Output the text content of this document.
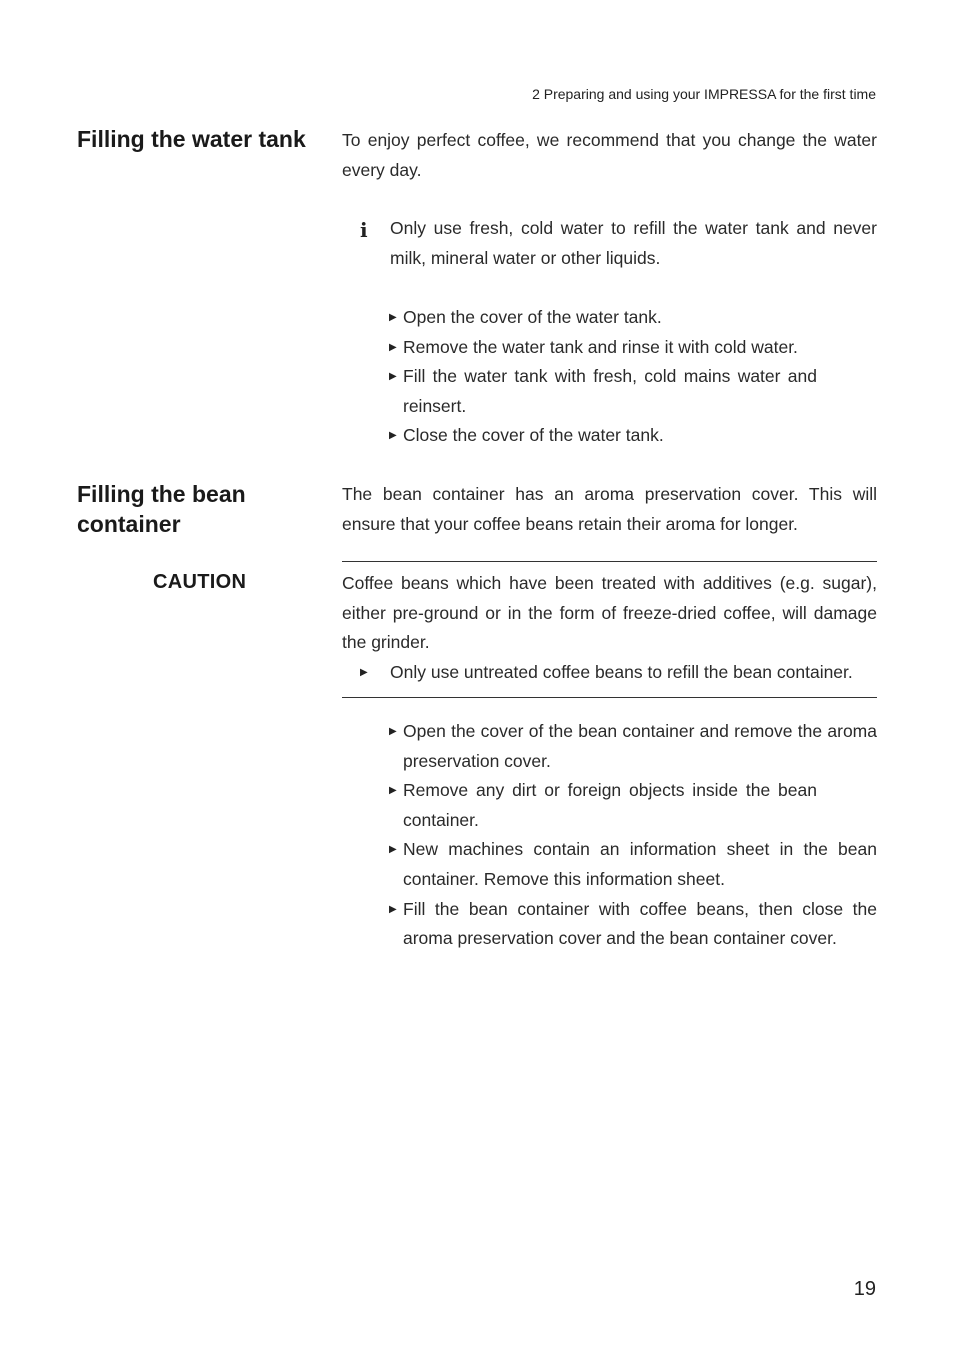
2 Preparing and using your IMPRESSA for the first time
Filling the water tank To enjoy perfect coffee, we recommend that you change the water every day.
i Only use fresh, cold water to refill the water tank and never milk, mineral water or other liquids.
▶ Open the cover of the water tank.
▶ Remove the water tank and rinse it with cold water.
▶ Fill the water tank with fresh, cold mains water and reinsert.
▶ Close the cover of the water tank.
Filling the bean container
The bean container has an aroma preservation cover. This will ensure that your coffee beans retain their aroma for longer.
CAUTION	Coffee beans which have been treated with additives (e.g. sugar), either pre-ground or in the form of freeze-dried coffee, will damage the grinder.
▶ Only use untreated coffee beans to refill the bean container.
▶ Open the cover of the bean container and remove the aroma preservation cover.
▶ Remove any dirt or foreign objects inside the bean container.
▶ New machines contain an information sheet in the bean container. Remove this information sheet.
▶ Fill the bean container with coffee beans, then close the aroma preservation cover and the bean container cover.
19
